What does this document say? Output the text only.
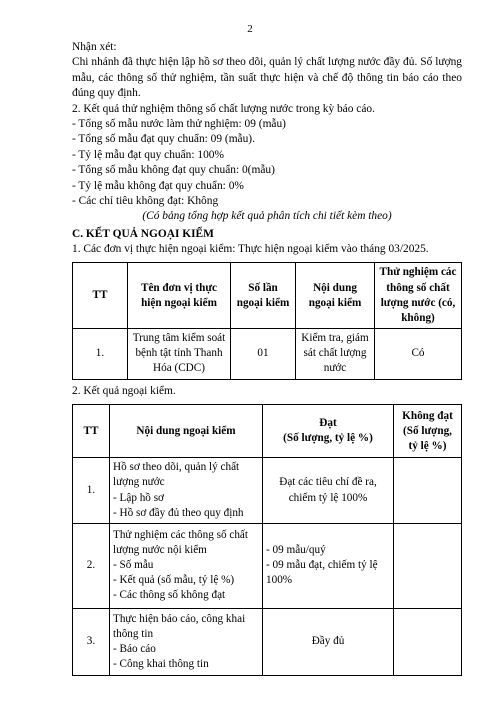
2

Nhận xét:

Chi nhánh đã thực hiện lập hồ sơ theo dõi, quản lý chất lượng nước đầy đủ. Số lượng mẫu, các thông số thử nghiệm, tần suất thực hiện và chế độ thông tin báo cáo theo đúng quy định.

2. Kết quả thử nghiệm thông số chất lượng nước trong kỳ báo cáo.

- Tổng số mẫu nước làm thử nghiệm: 09 (mẫu)

- Tổng số mẫu đạt quy chuẩn: 09 (mẫu).

- Tỷ lệ mẫu đạt quy chuẩn: 100%

- Tổng số mẫu không đạt quy chuẩn: 0(mẫu)

- Tỷ lệ mẫu không đạt quy chuẩn: 0%

- Các chỉ tiêu không đạt: Không

(Có bảng tổng hợp kết quả phân tích chi tiết kèm theo)

C. KẾT QUẢ NGOẠI KIỂM

1. Các đơn vị thực hiện ngoại kiểm: Thực hiện ngoại kiểm vào tháng 03/2025.

TT	Tên đơn vị thực hiện ngoại kiểm	Số lần ngoại kiểm	Nội dung ngoại kiểm	Thử nghiệm các thông số chất lượng nước (có, không)
1.	Trung tâm kiểm soát bệnh tật tỉnh Thanh Hóa (CDC)	01	Kiểm tra, giám sát chất lượng nước	Có

2. Kết quả ngoại kiểm.

TT	Nội dung ngoại kiểm	Đạt
(Số lượng, tỷ lệ %)	Không đạt
(Số lượng, tỷ lệ %)
1.	Hồ sơ theo dõi, quản lý chất lượng nước
- Lập hồ sơ
- Hồ sơ đầy đủ theo quy định	Đạt các tiêu chí đề ra, chiếm tỷ lệ 100%	

2.	Thử nghiệm các thông số chất lượng nước nội kiểm
- Số mẫu
- Kết quả (số mẫu, tỷ lệ %)
- Các thông số không đạt	- 09 mẫu/quý
- 09 mẫu đạt, chiếm tỷ lệ 100%	

3.	Thực hiện báo cáo, công khai thông tin
- Báo cáo
- Công khai thông tin	Đầy đủ	
